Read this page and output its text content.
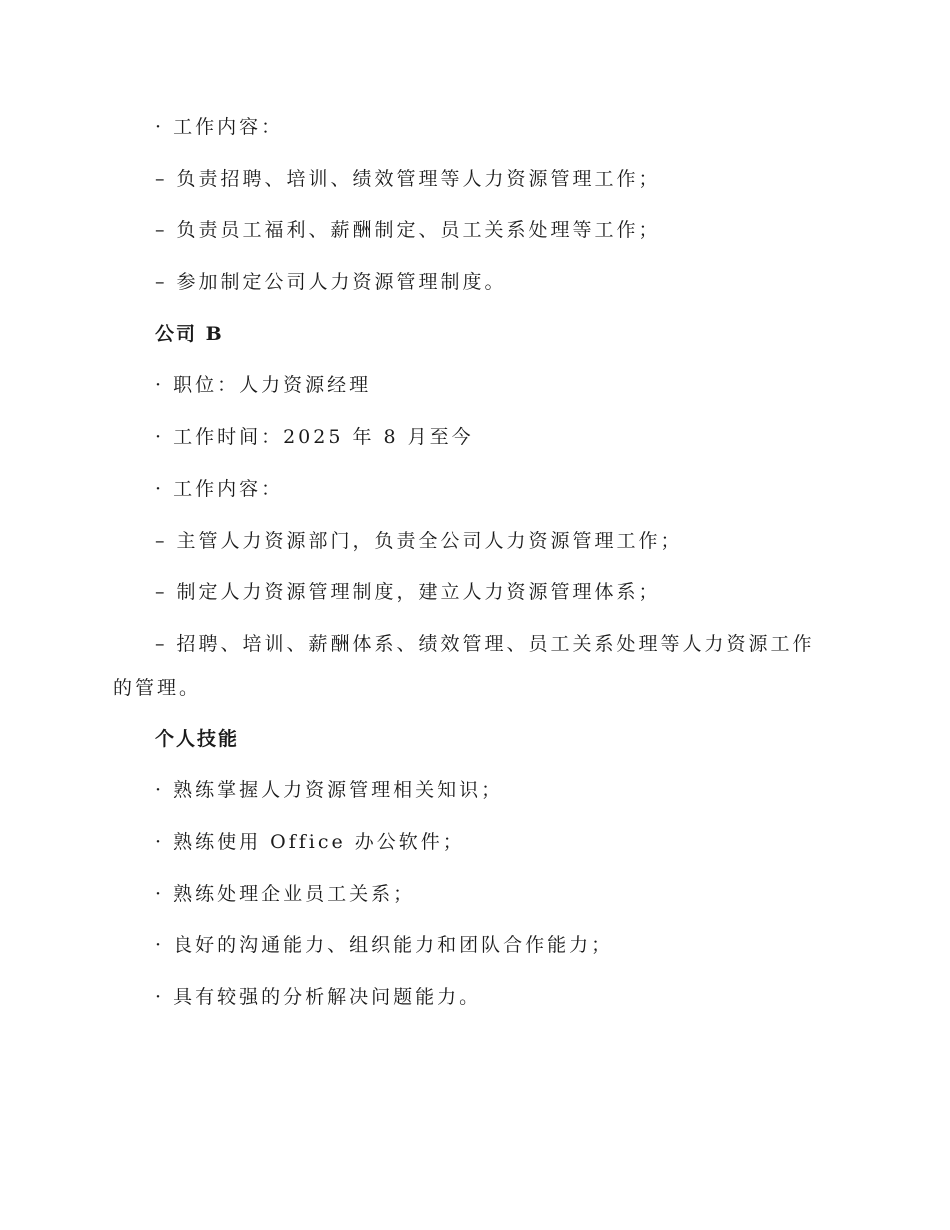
· 工作内容：
– 负责招聘、培训、绩效管理等人力资源管理工作；
– 负责员工福利、薪酬制定、员工关系处理等工作；
– 参加制定公司人力资源管理制度。
公司 B
· 职位：人力资源经理
· 工作时间：2025 年 8 月至今
· 工作内容：
– 主管人力资源部门，负责全公司人力资源管理工作；
– 制定人力资源管理制度，建立人力资源管理体系；
– 招聘、培训、薪酬体系、绩效管理、员工关系处理等人力资源工作的管理。
个人技能
· 熟练掌握人力资源管理相关知识；
· 熟练使用 Office 办公软件；
· 熟练处理企业员工关系；
· 良好的沟通能力、组织能力和团队合作能力；
· 具有较强的分析解决问题能力。
